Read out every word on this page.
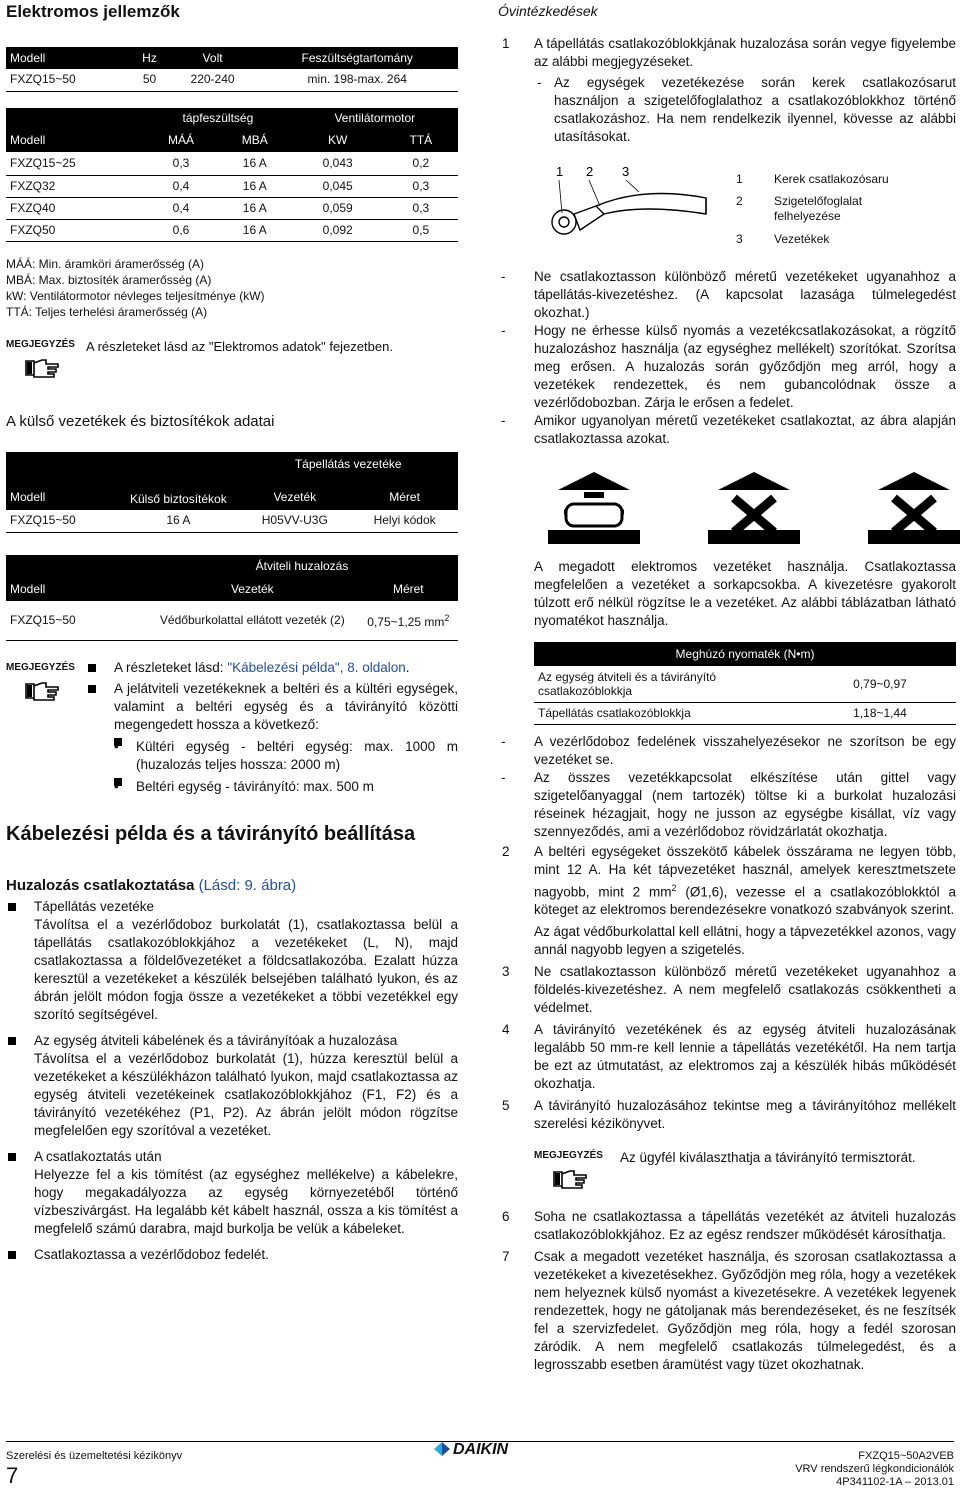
Elektromos jellemzők
Modell	Hz	Volt	Feszültségtartomány
FXZQ15~50	50	220-240	min. 198-max. 264
	tápfeszültség		Ventilátormotor	
Modell	MÁÁ	MBÁ	KW	TTÁ
FXZQ15~25	0,3	16 A	0,043	0,2
FXZQ32	0,4	16 A	0,045	0,3
FXZQ40	0,4	16 A	0,059	0,3
FXZQ50	0,6	16 A	0,092	0,5
MÁÁ: Min. áramköri áramerősség (A)
MBÁ: Max. biztosíték áramerősség (A)
kW: Ventilátormotor névleges teljesítménye (kW)
TTÁ: Teljes terhelési áramerősség (A)
MEGJEGYZÉS A részleteket lásd az "Elektromos adatok" fejezetben.
A külső vezetékek és biztosítékok adatai
		Tápellátás vezetéke	
Modell	Külső biztosítékok	Vezeték	Méret
FXZQ15~50	16 A	H05VV-U3G	Helyi kódok
	Átviteli huzalozás	
Modell	Vezeték	Méret
FXZQ15~50	Védőburkolattal ellátott vezeték (2)	0,75~1,25 $mm^2$
MEGJEGYZÉS	A részleteket lásd: "Kábelezési példa", 8. oldalon.
A jelátviteli vezetékeknek a beltéri és a kültéri egységek, valamint a beltéri egység és a távirányító közötti megengedett hossza a következő:
• Kültéri egység - beltéri egység: max. 1000 m (huzalozás teljes hossza: 2000 m)
• Beltéri egység - távirányító: max. 500 m
Kábelezési példa és a távirányító beállítása
Huzalozás csatlakoztatása (Lásd: 9. ábra)
Tápellátás vezetéke
Távolítsa el a vezérlődoboz burkolatát (1), csatlakoztassa belül a tápellátás csatlakozóblokkjához a vezetékeket (L, N), majd csatlakoztassa a földelővezetéket a földcsatlakozóba. Ezalatt húzza keresztül a vezetékeket a készülék belsejében található lyukon, és az ábrán jelölt módon fogja össze a vezetékeket a többi vezetékkel egy szorító segítségével.
Az egység átviteli kábelének és a távirányítóak a huzalozása
Távolítsa el a vezérlődoboz burkolatát (1), húzza keresztül belül a vezetékeket a készülékházon található lyukon, majd csatlakoztassa az egység átviteli vezetékeinek csatlakozóblokkjához (F1, F2) és a távirányító vezetékéhez (P1, P2). Az ábrán jelölt módon rögzítse megfelelően egy szorítóval a vezetéket.
A csatlakoztatás után
Helyezze fel a kis tömítést (az egységhez mellékelve) a kábelekre, hogy megakadályozza az egység környezetéből történő vízbeszivárgást. Ha legalább két kábelt használ, ossza a kis tömítést a megfelelő számú darabra, majd burkolja be velük a kábeleket.
Csatlakoztassa a vezérlődoboz fedelét.
Óvintézkedések
1 A tápellátás csatlakozóblokkjának huzalozása során vegye figyelembe az alábbi megjegyzéseket.
- Az egységek vezetékezése során kerek csatlakozósarut használjon a szigetelőfoglalathoz a csatlakozóblokkhoz történő csatlakozáshoz. Ha nem rendelkezik ilyennel, kövesse az alábbi utasításokat.
1 2 3	1	Kerek csatlakozósaru
2	Szigetelőfoglalat felhelyezése
3	Vezetékek
- Ne csatlakoztasson különböző méretű vezetékeket ugyanahhoz a tápellátás-kivezetéshez. (A kapcsolat lazasága túlmelegedést okozhat.)
- Hogy ne érhesse külső nyomás a vezetékcsatlakozásokat, a rögzítő huzalozáshoz használja (az egységhez mellékelt) szorítókat. Szorítsa meg erősen. A huzalozás során győződjön meg arról, hogy a vezetékek rendezettek, és nem gubancolódnak össze a vezérlődobozban. Zárja le erősen a fedelet.
- Amikor ugyanolyan méretű vezetékeket csatlakoztat, az ábra alapján csatlakoztassa azokat.
A megadott elektromos vezetéket használja. Csatlakoztassa megfelelően a vezetéket a sorkapcsokba. A kivezetésre gyakorolt túlzott erő nélkül rögzítse le a vezetéket. Az alábbi táblázatban látható nyomatékot használja.
Meghúzó nyomaték (N•m)	
Az egység átviteli és a távirányító csatlakozóblokkja	0,79~0,97
Tápellátás csatlakozóblokkja	1,18~1,44
- A vezérlődoboz fedelének visszahelyezésekor ne szorítson be egy vezetéket se.
- Az összes vezetékkapcsolat elkészítése után gittel vagy szigetelőanyaggal (nem tartozék) töltse ki a burkolat huzalozási réseinek hézagjait, hogy ne jusson az egységbe kisállat, víz vagy szennyeződés, ami a vezérlődoboz rövidzárlatát okozhatja.
2 A beltéri egységeket összekötő kábelek összárama ne legyen több, mint 12 A. Ha két tápvezetéket használ, amelyek keresztmetszete nagyobb, mint 2 $mm^2$ (Ø1,6), vezesse el a csatlakozóblokktól a köteget az elektromos berendezésekre vonatkozó szabványok szerint.
Az ágat védőburkolattal kell ellátni, hogy a tápvezetékkel azonos, vagy annál nagyobb legyen a szigetelés.
3 Ne csatlakoztasson különböző méretű vezetékeket ugyanahhoz a földelés-kivezetéshez. A nem megfelelő csatlakozás csökkentheti a védelmet.
4 A távirányító vezetékének és az egység átviteli huzalozásának legalább 50 mm-re kell lennie a tápellátás vezetékétől. Ha nem tartja be ezt az útmutatást, az elektromos zaj a készülék hibás működését okozhatja.
5 A távirányító huzalozásához tekintse meg a távirányítóhoz mellékelt szerelési kézikönyvet.
MEGJEGYZÉS	Az ügyfél kiválaszthatja a távirányító termisztorát.
6 Soha ne csatlakoztassa a tápellátás vezetékét az átviteli huzalozás csatlakozóblokkjához. Ez az egész rendszer működését károsíthatja.
7 Csak a megadott vezetéket használja, és szorosan csatlakoztassa a vezetékeket a kivezetésekhez. Győződjön meg róla, hogy a vezetékek nem helyeznek külső nyomást a kivezetésekre. A vezetékek legyenek rendezettek, hogy ne gátoljanak más berendezéseket, és ne feszítsék fel a szervizfedelet. Győződjön meg róla, hogy a fedél szorosan záródik. A nem megfelelő csatlakozás túlmelegedést, és a legrosszabb esetben áramütést vagy tüzet okozhatnak.
Szerelési és üzemeltetési kézikönyv
7
DAIKIN	FXZQ15~50A2VEB
VRV rendszerű légkondicionálók
4P341102-1A – 2013.01
